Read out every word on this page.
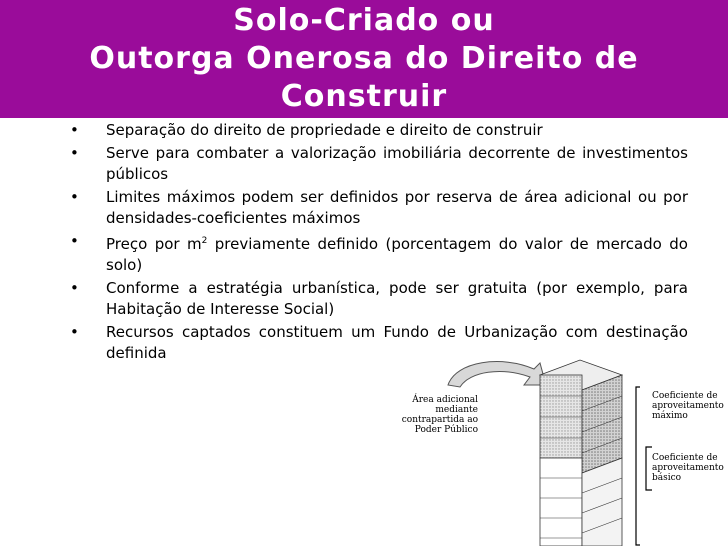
Solo-Criado ou
Outorga Onerosa do Direito de
Construir
• Separação do direito de propriedade e direito de construir
• Serve para combater a valorização imobiliária decorrente de investimentos públicos
• Limites máximos podem ser definidos por reserva de área adicional ou por densidades-coeficientes máximos
• Preço por $m^2$ previamente definido (porcentagem do valor de mercado do solo)
• Conforme a estratégia urbanística, pode ser gratuita (por exemplo, para Habitação de Interesse Social)
• Recursos captados constituem um Fundo de Urbanização com destinação definida
Área adicional
mediante
contrapartida ao
Poder Público
Coeficiente de
aproveitamento
máximo
Coeficiente de
aproveitamento
básico
